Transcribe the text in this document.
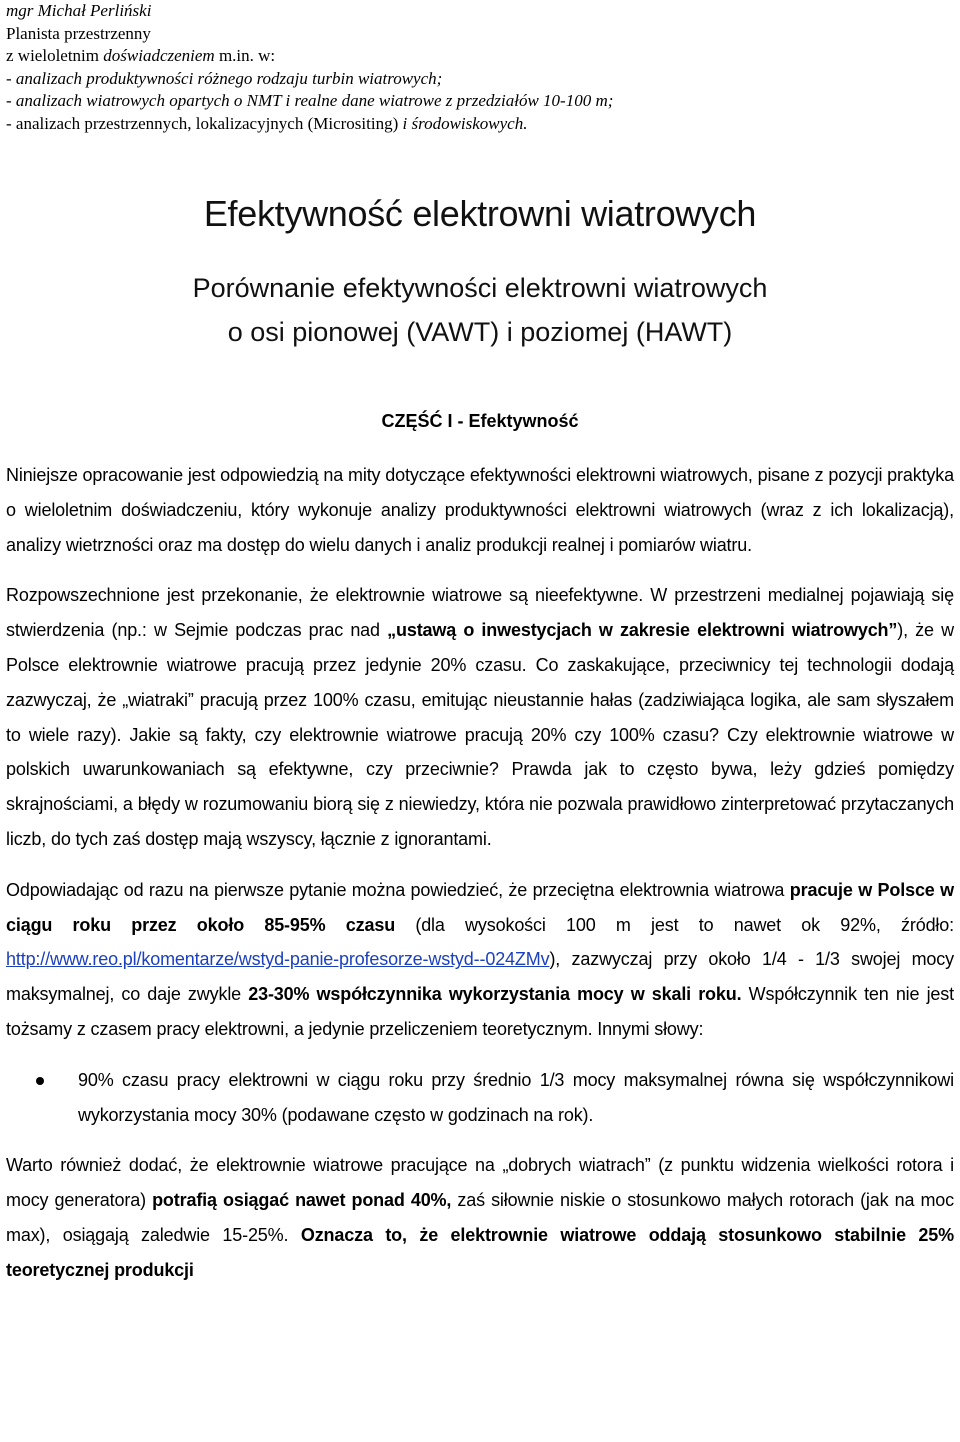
mgr Michał Perliński
Planista przestrzenny
z wieloletnim doświadczeniem m.in. w:
- analizach produktywności różnego rodzaju turbin wiatrowych;
- analizach wiatrowych opartych o NMT i realne dane wiatrowe z przedziałów 10-100 m;
- analizach przestrzennych, lokalizacyjnych (Micrositing) i środowiskowych.
Efektywność elektrowni wiatrowych
Porównanie efektywności elektrowni wiatrowych
o osi pionowej (VAWT) i poziomej (HAWT)
CZĘŚĆ I - Efektywność

Niniejsze opracowanie jest odpowiedzią na mity dotyczące efektywności elektrowni wiatrowych, pisane z pozycji praktyka o wieloletnim doświadczeniu, który wykonuje analizy produktywności elektrowni wiatrowych (wraz z ich lokalizacją), analizy wietrzności oraz ma dostęp do wielu danych i analiz produkcji realnej i pomiarów wiatru.

Rozpowszechnione jest przekonanie, że elektrownie wiatrowe są nieefektywne. W przestrzeni medialnej pojawiają się stwierdzenia (np.: w Sejmie podczas prac nad „ustawą o inwestycjach w zakresie elektrowni wiatrowych”), że w Polsce elektrownie wiatrowe pracują przez jedynie 20% czasu. Co zaskakujące, przeciwnicy tej technologii dodają zazwyczaj, że „wiatraki” pracują przez 100% czasu, emitując nieustannie hałas (zadziwiająca logika, ale sam słyszałem to wiele razy). Jakie są fakty, czy elektrownie wiatrowe pracują 20% czy 100% czasu? Czy elektrownie wiatrowe w polskich uwarunkowaniach są efektywne, czy przeciwnie? Prawda jak to często bywa, leży gdzieś pomiędzy skrajnościami, a błędy w rozumowaniu biorą się z niewiedzy, która nie pozwala prawidłowo zinterpretować przytaczanych liczb, do tych zaś dostęp mają wszyscy, łącznie z ignorantami.

Odpowiadając od razu na pierwsze pytanie można powiedzieć, że przeciętna elektrownia wiatrowa pracuje w Polsce w ciągu roku przez około 85-95% czasu (dla wysokości 100 m jest to nawet ok 92%, źródło: http://www.reo.pl/komentarze/wstyd-panie-profesorze-wstyd--024ZMv), zazwyczaj przy około 1/4 - 1/3 swojej mocy maksymalnej, co daje zwykle 23-30% współczynnika wykorzystania mocy w skali roku. Współczynnik ten nie jest tożsamy z czasem pracy elektrowni, a jedynie przeliczeniem teoretycznym. Innymi słowy:

90% czasu pracy elektrowni w ciągu roku przy średnio 1/3 mocy maksymalnej równa się współczynnikowi wykorzystania mocy 30% (podawane często w godzinach na rok).

Warto również dodać, że elektrownie wiatrowe pracujące na „dobrych wiatrach” (z punktu widzenia wielkości rotora i mocy generatora) potrafią osiągać nawet ponad 40%, zaś siłownie niskie o stosunkowo małych rotorach (jak na moc max), osiągają zaledwie 15-25%. Oznacza to, że elektrownie wiatrowe oddają stosunkowo stabilnie 25% teoretycznej produkcji
